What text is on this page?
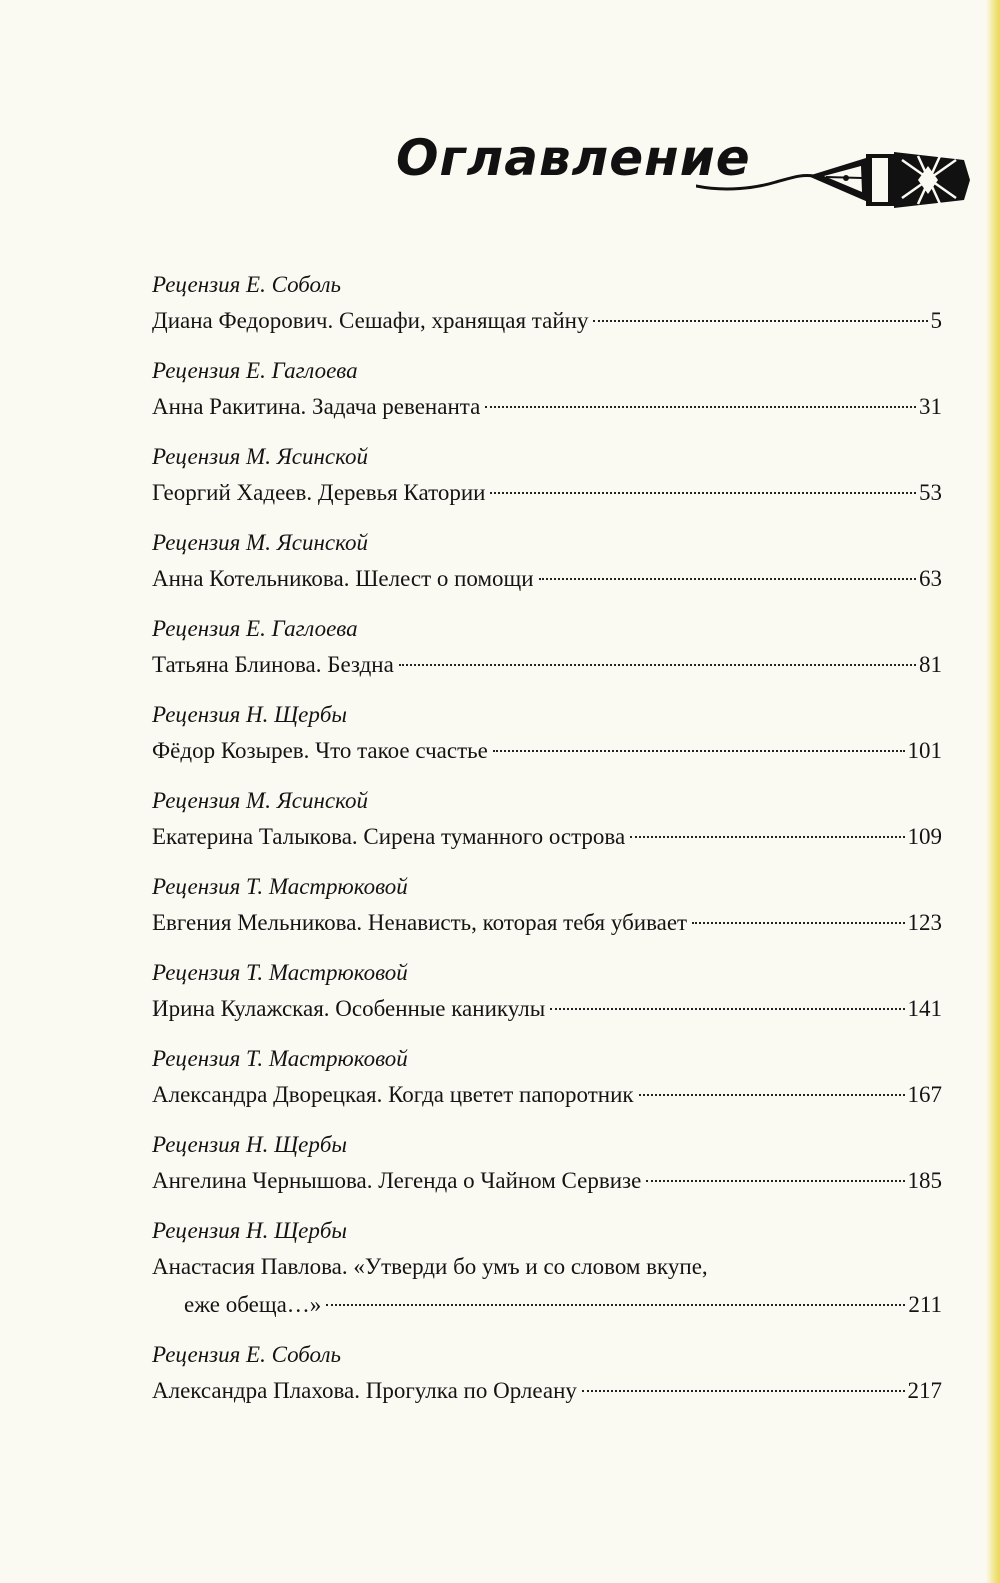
Оглавление
Рецензия Е. Соболь
Диана Федорович. Сешафи, хранящая тайну	5
Рецензия Е. Гаглоева
Анна Ракитина. Задача ревенанта	31
Рецензия М. Ясинской
Георгий Хадеев. Деревья Катории	53
Рецензия М. Ясинской
Анна Котельникова. Шелест о помощи	63
Рецензия Е. Гаглоева
Татьяна Блинова. Бездна	81
Рецензия Н. Щербы
Фёдор Козырев. Что такое счастье	101
Рецензия М. Ясинской
Екатерина Талыкова. Сирена туманного острова	109
Рецензия Т. Мастрюковой
Евгения Мельникова. Ненависть, которая тебя убивает	123
Рецензия Т. Мастрюковой
Ирина Кулажская. Особенные каникулы	141
Рецензия Т. Мастрюковой
Александра Дворецкая. Когда цветет папоротник	167
Рецензия Н. Щербы
Ангелина Чернышова. Легенда о Чайном Сервизе	185
Рецензия Н. Щербы
Анастасия Павлова. «Утверди бо умъ и со словом вкупе,
еже обеща…»	211
Рецензия Е. Соболь
Александра Плахова. Прогулка по Орлеану	217
